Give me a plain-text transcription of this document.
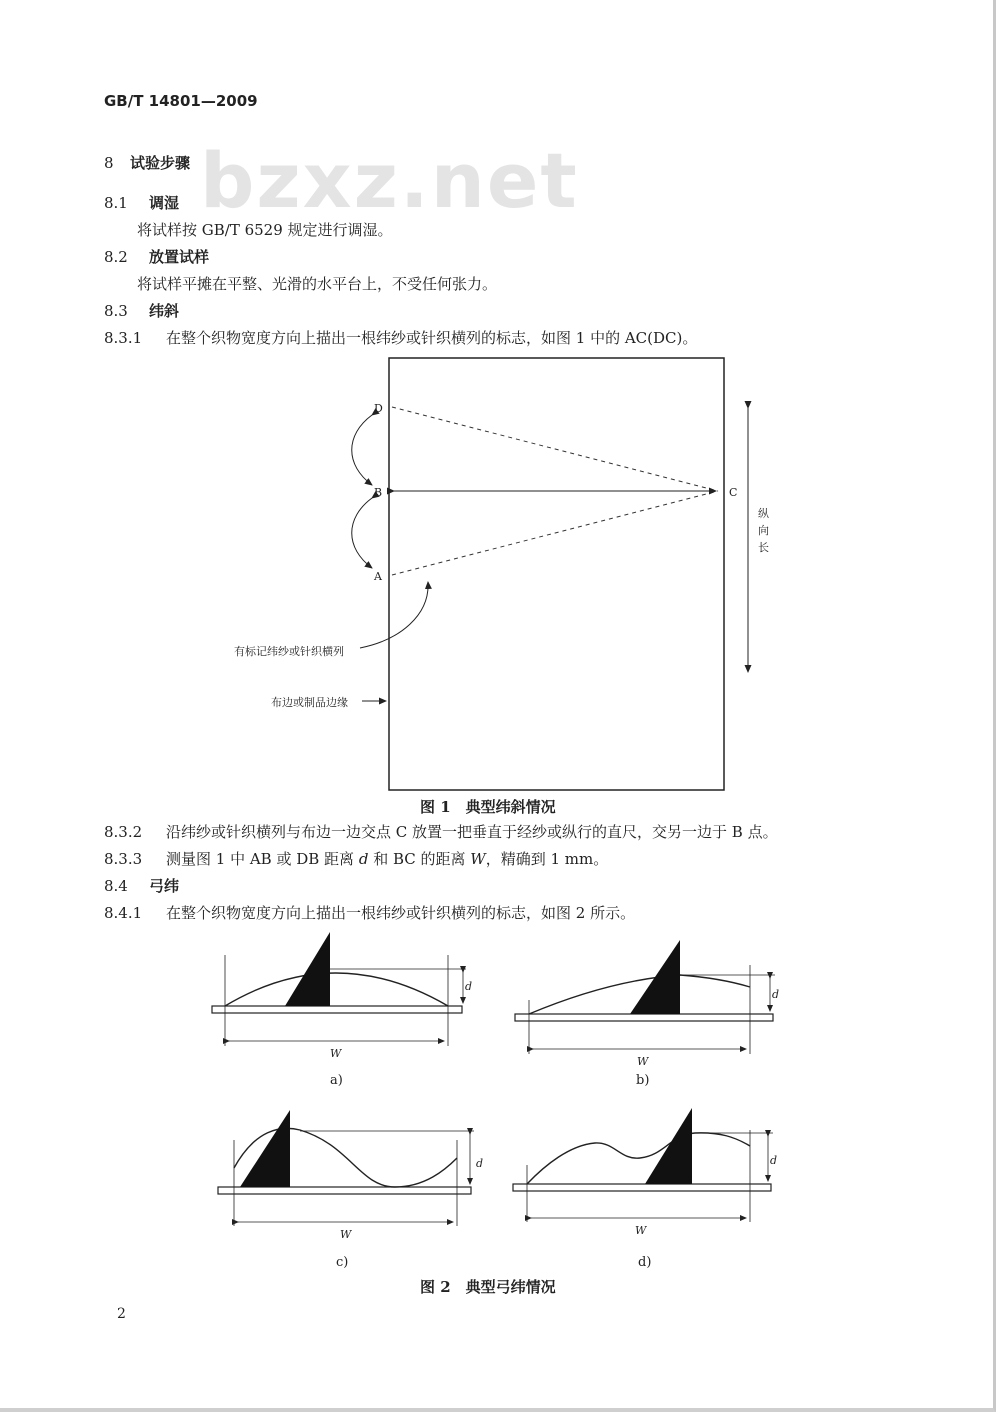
GB/T 14801—2009
bzxz.net
8 试验步骤
8.1 调湿
将试样按 GB/T 6529 规定进行调湿。
8.2 放置试样
将试样平摊在平整、光滑的水平台上，不受任何张力。
8.3 纬斜
8.3.1 在整个织物宽度方向上描出一根纬纱或针织横列的标志，如图 1 中的 AC(DC)。
D
B
A
C
有标记纬纱或针织横列
布边或制品边缘
纵
向
长
图 1　典型纬斜情况
8.3.2 沿纬纱或针织横列与布边一边交点 C 放置一把垂直于经纱或纵行的直尺，交另一边于 B 点。
8.3.3 测量图 1 中 AB 或 DB 距离 d 和 BC 的距离 W，精确到 1 mm。
8.4 弓纬
8.4.1 在整个织物宽度方向上描出一根纬纱或针织横列的标志，如图 2 所示。
d
W
d
W
d
W
d
W
a)	b)
c)	d)
图 2　典型弓纬情况
2
